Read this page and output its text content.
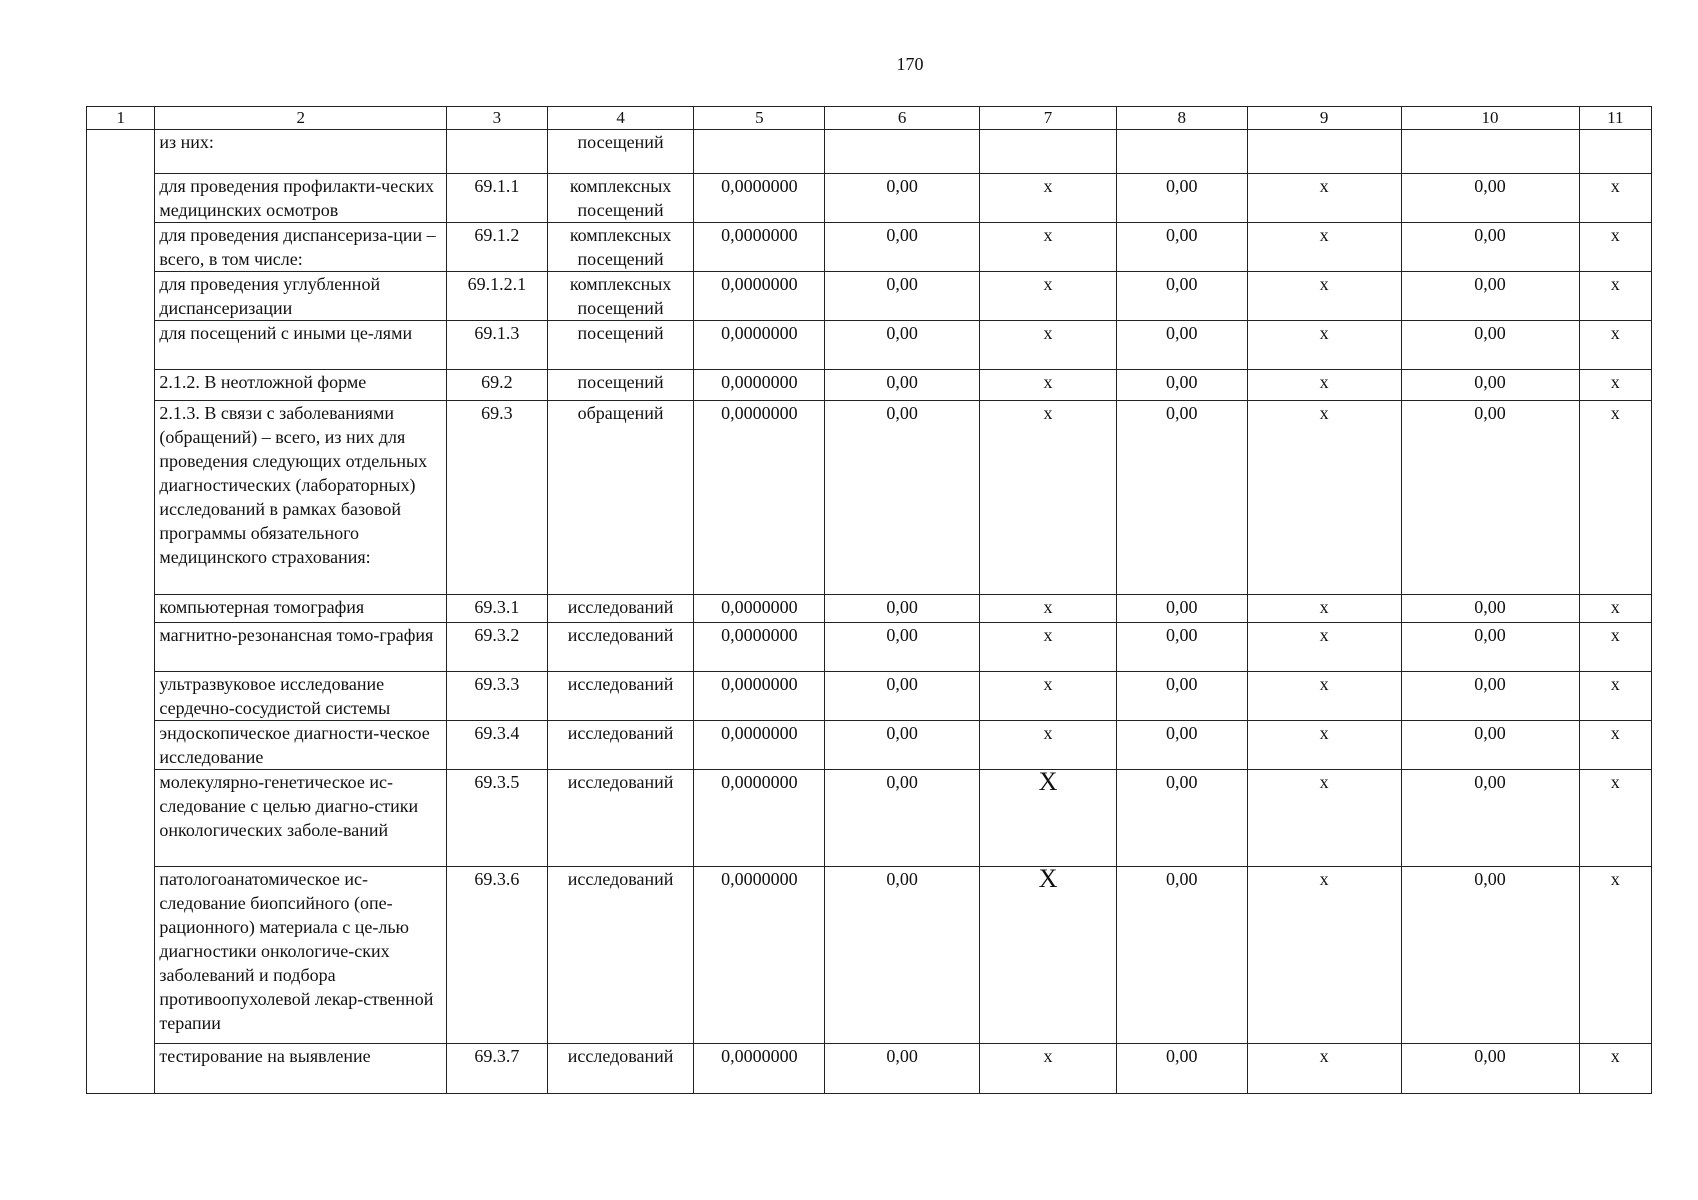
170
1	2	3	4	5	6	7	8	9	10	11
	из них:		посещений							
	для проведения профилакти-ческих медицинских осмотров	69.1.1	комплексных посещений	0,0000000	0,00	х	0,00	х	0,00	х
	для проведения диспансериза-ции – всего, в том числе:	69.1.2	комплексных посещений	0,0000000	0,00	х	0,00	х	0,00	х
	для проведения углубленной диспансеризации	69.1.2.1	комплексных посещений	0,0000000	0,00	х	0,00	х	0,00	х
	для посещений с иными це-лями	69.1.3	посещений	0,0000000	0,00	х	0,00	х	0,00	х
	2.1.2. В неотложной форме	69.2	посещений	0,0000000	0,00	х	0,00	х	0,00	х
	2.1.3. В связи с заболеваниями (обращений) – всего, из них для проведения следующих отдельных диагностических (лабораторных) исследований в рамках базовой программы обязательного медицинского страхования:	69.3	обращений	0,0000000	0,00	х	0,00	х	0,00	х
	компьютерная томография	69.3.1	исследований	0,0000000	0,00	х	0,00	х	0,00	х
	магнитно-резонансная томо-графия	69.3.2	исследований	0,0000000	0,00	х	0,00	х	0,00	х
	ультразвуковое исследование сердечно-сосудистой системы	69.3.3	исследований	0,0000000	0,00	х	0,00	х	0,00	х
	эндоскопическое диагности-ческое исследование	69.3.4	исследований	0,0000000	0,00	х	0,00	х	0,00	х
	молекулярно-генетическое ис-следование с целью диагно-стики онкологических заболе-ваний	69.3.5	исследований	0,0000000	0,00	Х	0,00	х	0,00	х
	патологоанатомическое ис-следование биопсийного (опе-рационного) материала с це-лью диагностики онкологиче-ских заболеваний и подбора противоопухолевой лекар-ственной терапии	69.3.6	исследований	0,0000000	0,00	Х	0,00	х	0,00	х
	тестирование на выявление	69.3.7	исследований	0,0000000	0,00	х	0,00	х	0,00	х
